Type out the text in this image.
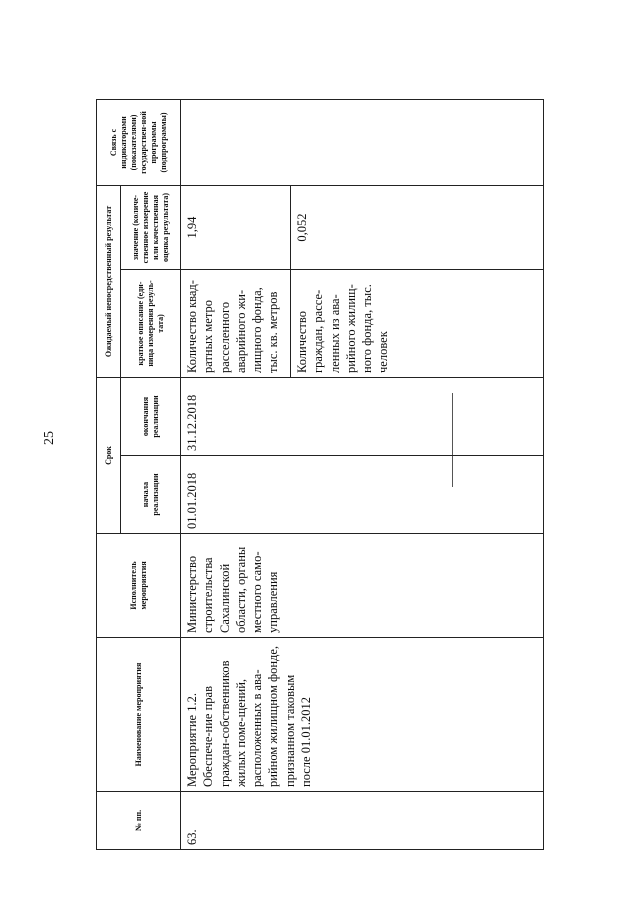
25
№ пп.	Наименование мероприятия	Исполнитель мероприятия	Срок		Ожидаемый непосредственный результат		Связь с индикаторами (показателями) государствен-ной программы (подпрограммы)
			начала реализации	окончания реализации	краткое описание (еди-ница измерения резуль-тата)	значение (количе-ственное измерение или качественная оценка результата)	
63.	Мероприятие 1.2. Обеспече-ние прав граждан-собственников жилых поме-щений, расположенных в ава-рийном жилищном фонде, признанном таковым после 01.01.2012	Министерство строительства Сахалинской области, органы местного само-управления	01.01.2018	31.12.2018	Количество квад-ратных метро расселенного аварийного жи-лищного фонда, тыс. кв. метров	1,94	
					Количество граждан, рассе-ленных из ава-рийного жилищ-ного фонда, тыс. человек	0,052	
